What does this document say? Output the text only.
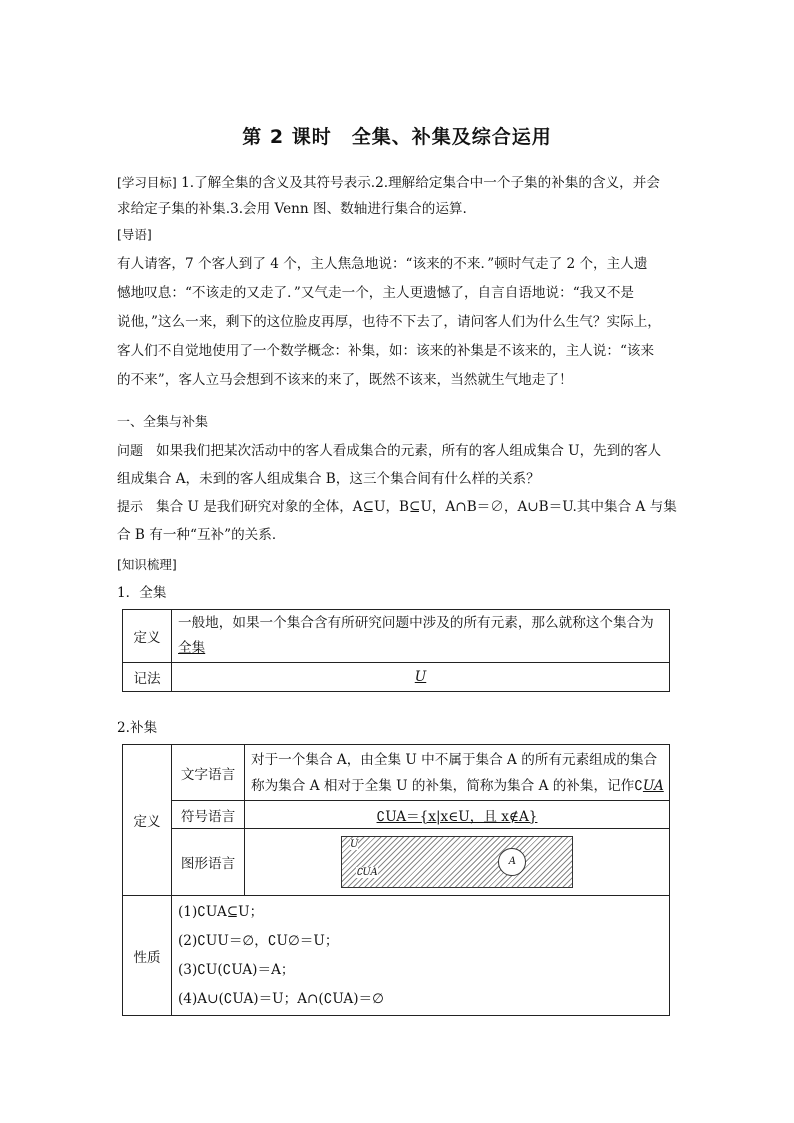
第 2 课时　全集、补集及综合运用
[学习目标] 1.了解全集的含义及其符号表示.2.理解给定集合中一个子集的补集的含义，并会
求给定子集的补集.3.会用 Venn 图、数轴进行集合的运算.
[导语]
有人请客，7 个客人到了 4 个，主人焦急地说：“该来的不来．”顿时气走了 2 个，主人遗
憾地叹息：“不该走的又走了．”又气走一个，主人更遗憾了，自言自语地说：“我又不是
说他，”这么一来，剩下的这位脸皮再厚，也待不下去了，请问客人们为什么生气？实际上，
客人们不自觉地使用了一个数学概念：补集，如：该来的补集是不该来的，主人说：“该来
的不来”，客人立马会想到不该来的来了，既然不该来，当然就生气地走了！
一、全集与补集
问题 如果我们把某次活动中的客人看成集合的元素，所有的客人组成集合 U，先到的客人
组成集合 A，未到的客人组成集合 B，这三个集合间有什么样的关系？
提示 集合 U 是我们研究对象的全体，A⊆U，B⊆U，A∩B＝∅，A∪B＝U.其中集合 A 与集
合 B 有一种“互补”的关系．
[知识梳理]
1．全集
定义	一般地，如果一个集合含有所研究问题中涉及的所有元素，那么就称这个集合为
全集

记法	U
2.补集
定义	文字语言	对于一个集合 A，由全集 U 中不属于集合 A 的所有元素组成的集合
称为集合 A 相对于全集 U 的补集，简称为集合 A 的补集，记作∁UA

	符号语言	∁UA＝{x|x∈U，且 x∉A}
	图形语言	U
∁UA
A

性质	(1)∁UA⊆U；
(2)∁UU＝∅，∁U∅＝U；
(3)∁U(∁UA)＝A；
(4)A∪(∁UA)＝U；A∩(∁UA)＝∅	
